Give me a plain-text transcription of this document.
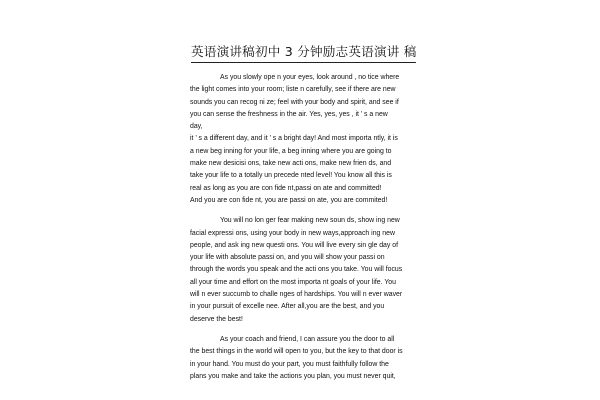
英语演讲稿初中 3 分钟励志英语演讲 稿
As you slowly ope n your eyes, look around , no tice where
the light comes into your room; liste n carefully, see if there are new
sounds you can recog ni ze; feel with your body and spirit, and see if
you can sense the freshness in the air. Yes, yes, yes , it ’ s a new
day,
it ’ s a different day, and it ’ s a bright day! And most importa ntly, it is
a new beg inning for your life, a beg inning where you are going to
make new desicisi ons, take new acti ons, make new frien ds, and
take your life to a totally un precede nted level! You know all this is
real as long as you are con fide nt,passi on ate and committed!
And you are con fide nt, you are passi on ate, you are commited!
You will no lon ger fear making new soun ds, show ing new
facial expressi ons, using your body in new ways,approach ing new
people, and ask ing new questi ons. You will live every sin gle day of
your life with absolute passi on, and you will show your passi on
through the words you speak and the acti ons you take. You will focus
all your time and effort on the most importa nt goals of your life. You
will n ever succumb to challe nges of hardships. You will n ever waver
in your pursuit of excelle nee. After all,you are the best, and you
deserve the best!
As your coach and friend, I can assure you the door to all
the best things in the world will open to you, but the key to that door is
in your hand. You must do your part, you must faithfully follow the
plans you make and take the actions you plan, you must never quit,
